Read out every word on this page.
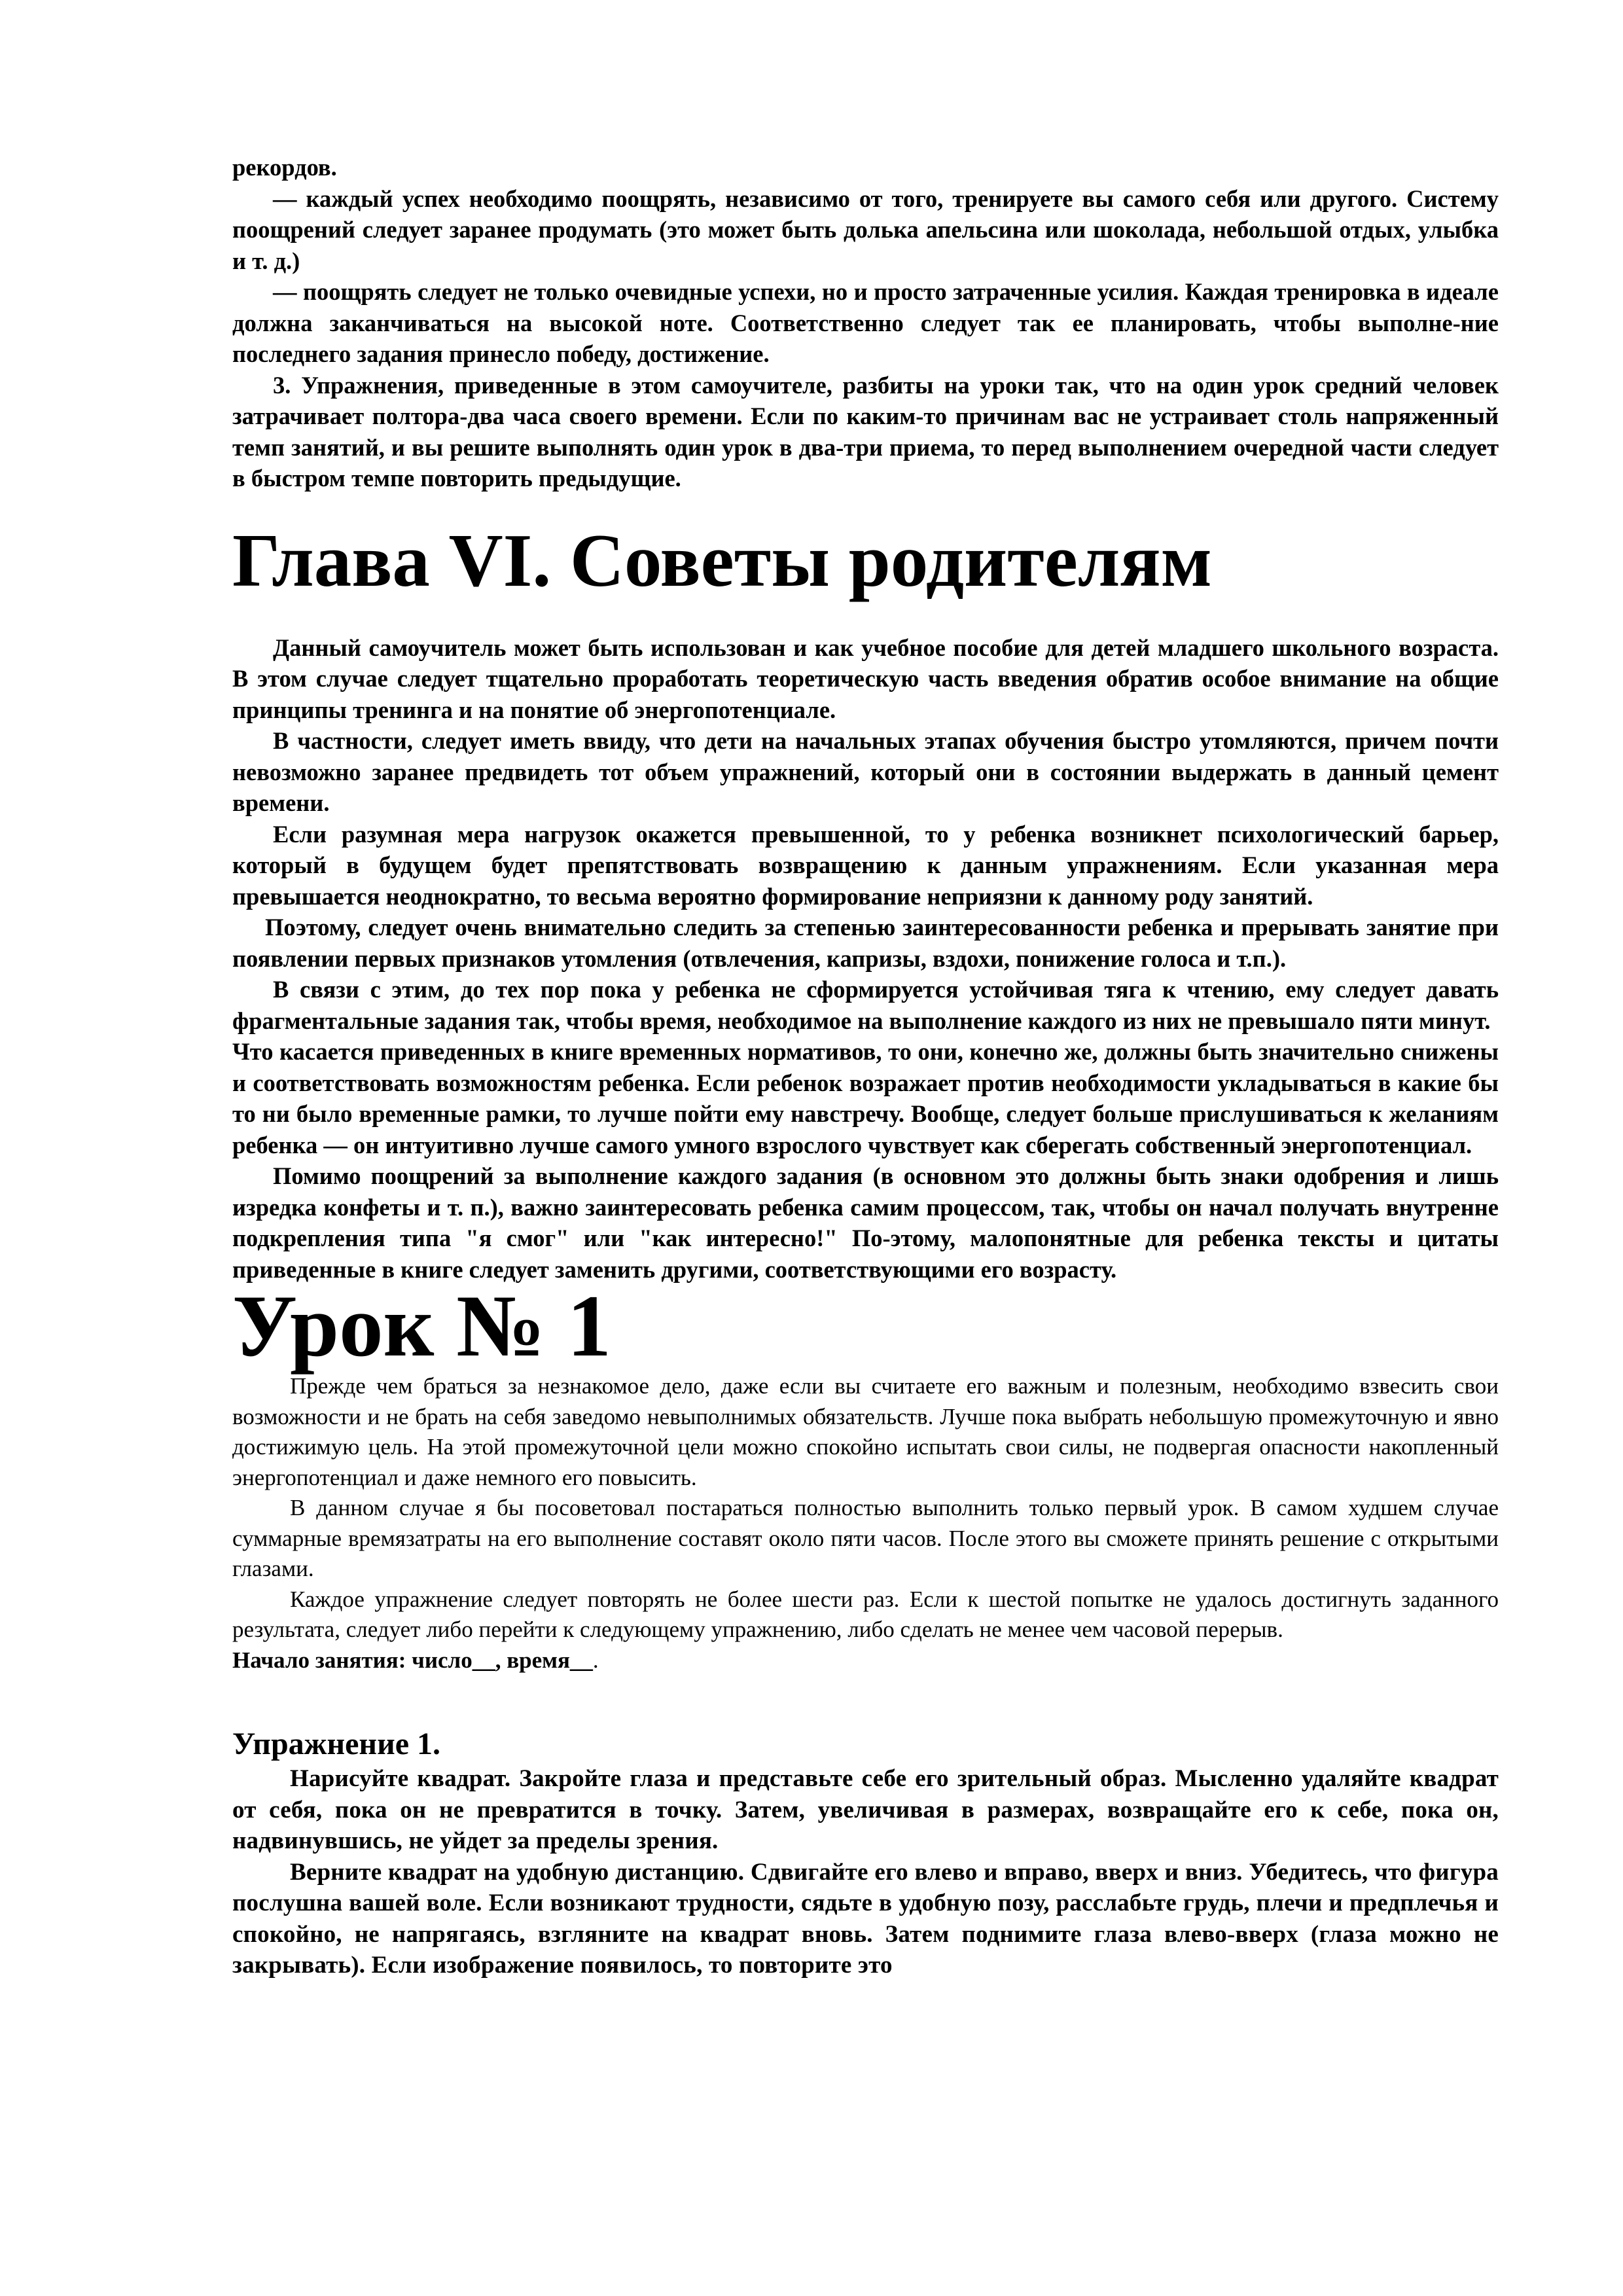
рекордов.

— каждый успех необходимо поощрять, независимо от того, тренируете вы самого себя или другого. Систему поощрений следует заранее продумать (это может быть долька апельсина или шоколада, небольшой отдых, улыбка и т. д.)

— поощрять следует не только очевидные успехи, но и просто затраченные усилия. Каждая тренировка в идеале должна заканчиваться на высокой ноте. Соответственно следует так ее планировать, чтобы выполне-ние последнего задания принесло победу, достижение.

3. Упражнения, приведенные в этом самоучителе, разбиты на уроки так, что на один урок средний человек затрачивает полтора-два часа своего времени. Если по каким-то причинам вас не устраивает столь напряженный темп занятий, и вы решите выполнять один урок в два-три приема, то перед выполнением очередной части следует в быстром темпе повторить предыдущие.

Глава VI. Советы родителям

Данный самоучитель может быть использован и как учебное пособие для детей младшего школьного возраста. В этом случае следует тщательно проработать теоретическую часть введения обратив особое внимание на общие принципы тренинга и на понятие об энергопотенциале.

В частности, следует иметь ввиду, что дети на начальных этапах обучения быстро утомляются, причем почти невозможно заранее предвидеть тот объем упражнений, который они в состоянии выдержать в данный цемент времени.

Если разумная мера нагрузок окажется превышенной, то у ребенка возникнет психологический барьер, который в будущем будет препятствовать возвращению к данным упражнениям. Если указанная мера превышается неоднократно, то весьма вероятно формирование неприязни к данному роду занятий.

Поэтому, следует очень внимательно следить за степенью заинтересованности ребенка и прерывать занятие при появлении первых признаков утомления (отвлечения, капризы, вздохи, понижение голоса и т.п.).

В связи с этим, до тех пор пока у ребенка не сформируется устойчивая тяга к чтению, ему следует давать фрагментальные задания так, чтобы время, необходимое на выполнение каждого из них не превышало пяти минут.

Что касается приведенных в книге временных нормативов, то они, конечно же, должны быть значительно снижены и соответствовать возможностям ребенка. Если ребенок возражает против необходимости укладываться в какие бы то ни было временные рамки, то лучше пойти ему навстречу. Вообще, следует больше прислушиваться к желаниям ребенка — он интуитивно лучше самого умного взрослого чувствует как сберегать собственный энергопотенциал.

Помимо поощрений за выполнение каждого задания (в основном это должны быть знаки одобрения и лишь изредка конфеты и т. п.), важно заинтересовать ребенка самим процессом, так, чтобы он начал получать внутренне подкрепления типа "я смог" или "как интересно!" По-этому, малопонятные для ребенка тексты и цитаты приведенные в книге следует заменить другими, соответствующими его возрасту.

Урок № 1

Прежде чем браться за незнакомое дело, даже если вы считаете его важным и полезным, необходимо взвесить свои возможности и не брать на себя заведомо невыполнимых обязательств. Лучше пока выбрать небольшую промежуточную и явно достижимую цель. На этой промежуточной цели можно спокойно испытать свои силы, не подвергая опасности накопленный энергопотенциал и даже немного его повысить.

В данном случае я бы посоветовал постараться полностью выполнить только первый урок. В самом худшем случае суммарные времязатраты на его выполнение составят около пяти часов. После этого вы сможете принять решение с открытыми глазами.

Каждое упражнение следует повторять не более шести раз. Если к шестой попытке не удалось достигнуть заданного результата, следует либо перейти к следующему упражнению, либо сделать не менее чем часовой перерыв.

Начало занятия: число__, время__.

Упражнение 1.

Нарисуйте квадрат. Закройте глаза и представьте себе его зрительный образ. Мысленно удаляйте квадрат от себя, пока он не превратится в точку. Затем, увеличивая в размерах, возвращайте его к себе, пока он, надвинувшись, не уйдет за пределы зрения.

Верните квадрат на удобную дистанцию. Сдвигайте его влево и вправо, вверх и вниз. Убедитесь, что фигура послушна вашей воле. Если возникают трудности, сядьте в удобную позу, расслабьте грудь, плечи и предплечья и спокойно, не напрягаясь, взгляните на квадрат вновь. Затем поднимите глаза влево-вверх (глаза можно не закрывать). Если изображение появилось, то повторите это
